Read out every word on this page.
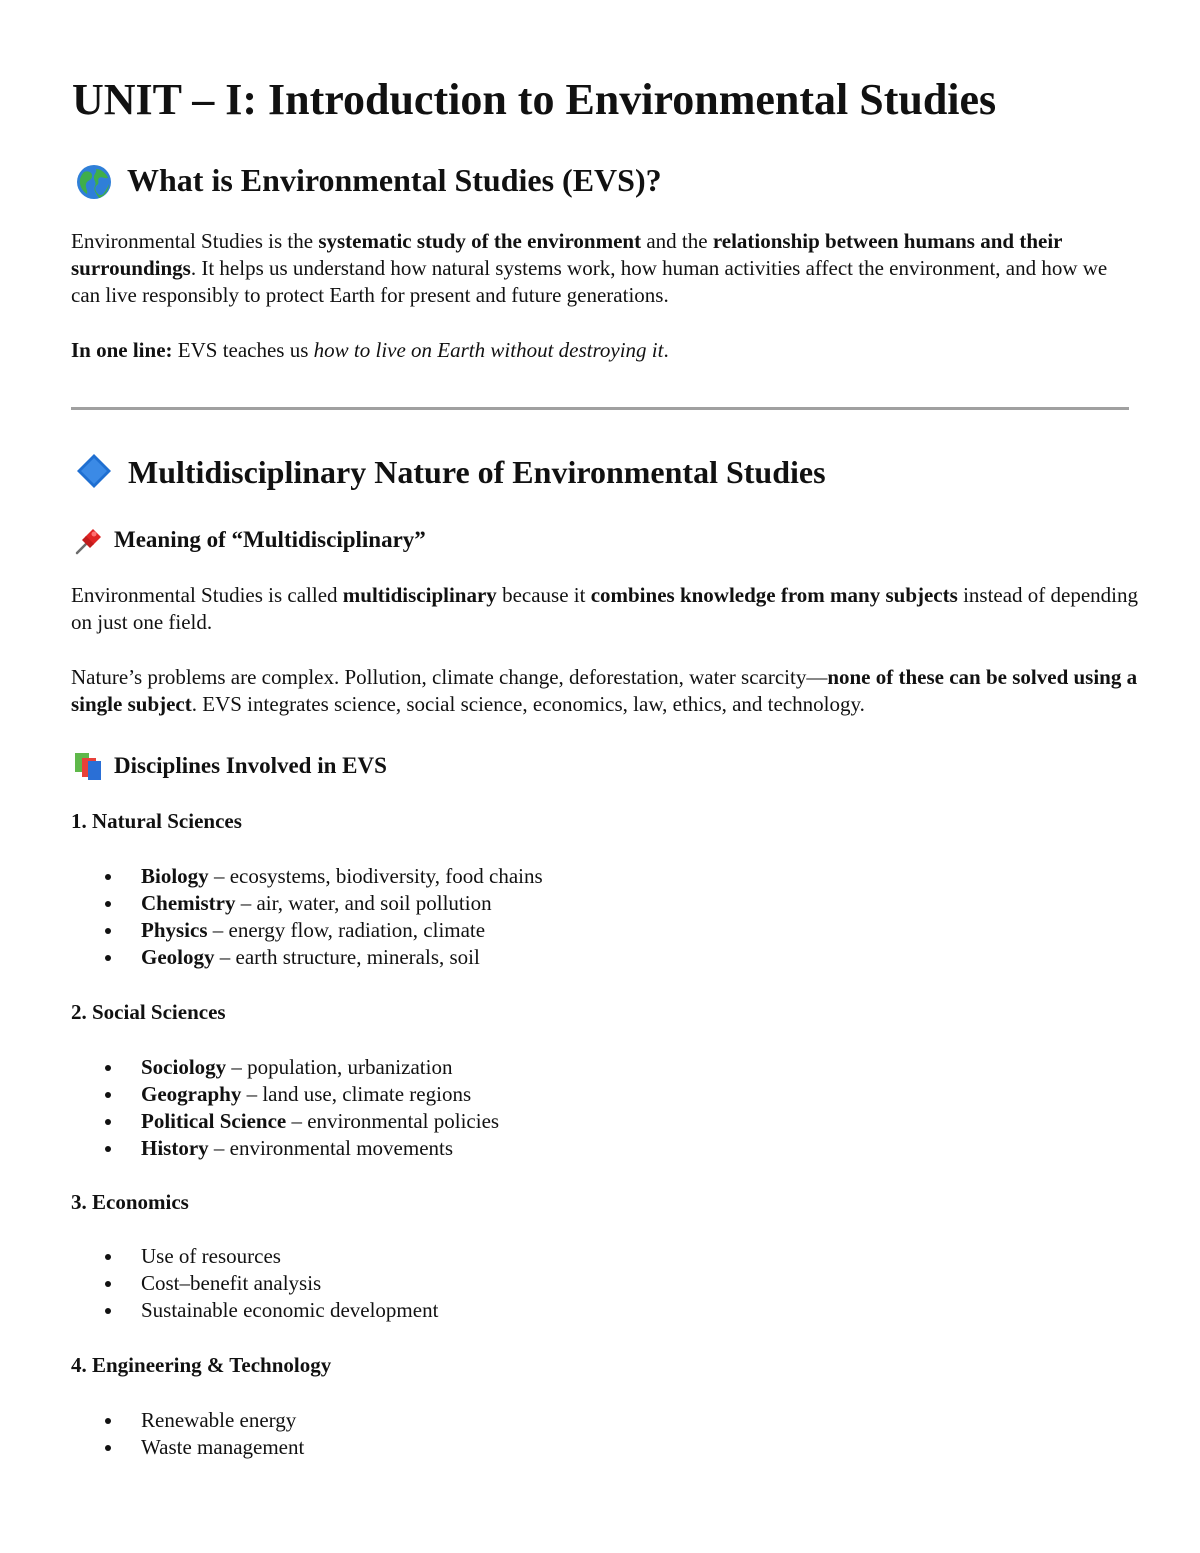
UNIT – I: Introduction to Environmental Studies
What is Environmental Studies (EVS)?
Environmental Studies is the systematic study of the environment and the relationship between humans and their surroundings. It helps us understand how natural systems work, how human activities affect the environment, and how we can live responsibly to protect Earth for present and future generations.
In one line: EVS teaches us how to live on Earth without destroying it.
Multidisciplinary Nature of Environmental Studies
Meaning of “Multidisciplinary”
Environmental Studies is called multidisciplinary because it combines knowledge from many subjects instead of depending on just one field.
Nature’s problems are complex. Pollution, climate change, deforestation, water scarcity—none of these can be solved using a single subject. EVS integrates science, social science, economics, law, ethics, and technology.
Disciplines Involved in EVS
1. Natural Sciences
Biology – ecosystems, biodiversity, food chains
Chemistry – air, water, and soil pollution
Physics – energy flow, radiation, climate
Geology – earth structure, minerals, soil
2. Social Sciences
Sociology – population, urbanization
Geography – land use, climate regions
Political Science – environmental policies
History – environmental movements
3. Economics
Use of resources
Cost–benefit analysis
Sustainable economic development
4. Engineering & Technology
Renewable energy
Waste management
